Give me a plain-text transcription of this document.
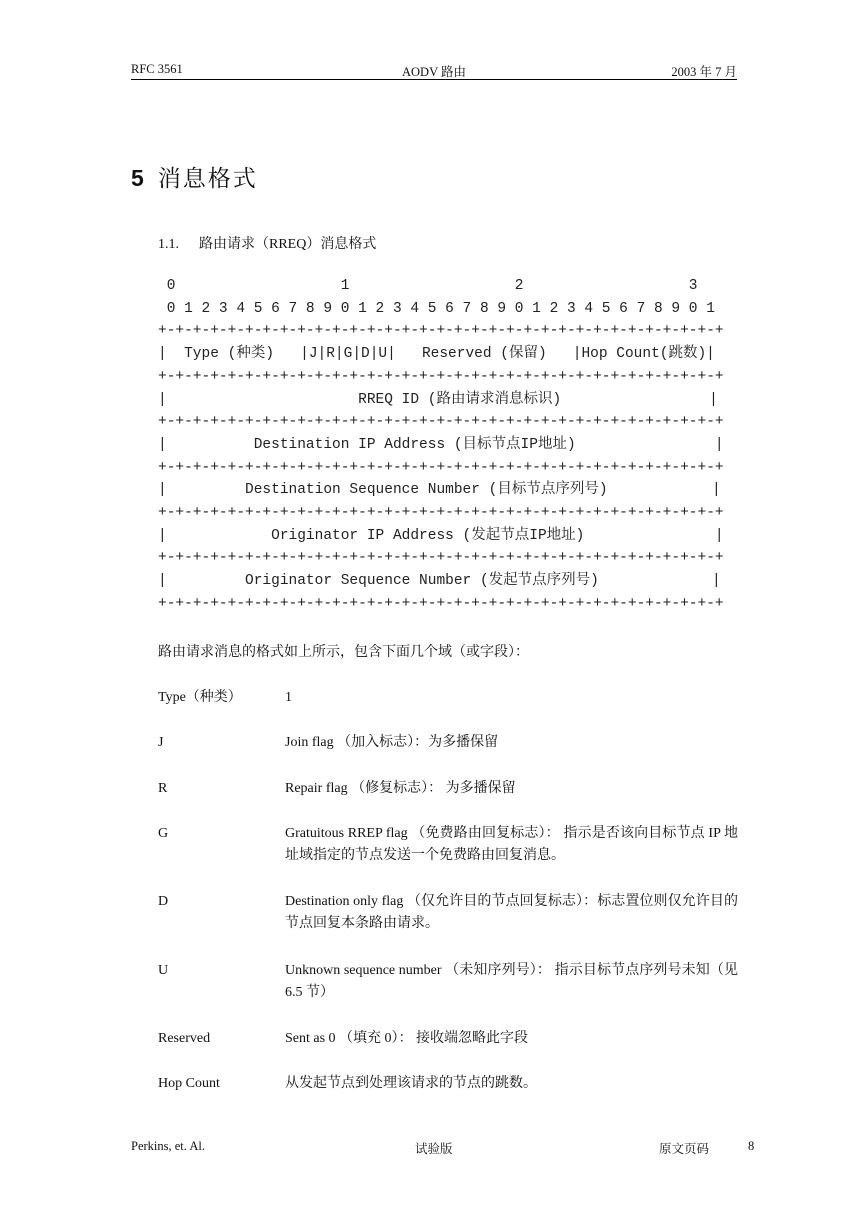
RFC 3561	AODV 路由	2003 年 7 月
5 消息格式
1.1. 路由请求（RREQ）消息格式
0                   1                   2                   3
0 1 2 3 4 5 6 7 8 9 0 1 2 3 4 5 6 7 8 9 0 1 2 3 4 5 6 7 8 9 0 1
+-+-+-+-+-+-+-+-+-+-+-+-+-+-+-+-+-+-+-+-+-+-+-+-+-+-+-+-+-+-+-+-+
|  Type (种类)   |J|R|G|D|U|   Reserved (保留)   |Hop Count(跳数)|
+-+-+-+-+-+-+-+-+-+-+-+-+-+-+-+-+-+-+-+-+-+-+-+-+-+-+-+-+-+-+-+-+
|                      RREQ ID (路由请求消息标识)                 |
+-+-+-+-+-+-+-+-+-+-+-+-+-+-+-+-+-+-+-+-+-+-+-+-+-+-+-+-+-+-+-+-+
|          Destination IP Address (目标节点IP地址)                |
+-+-+-+-+-+-+-+-+-+-+-+-+-+-+-+-+-+-+-+-+-+-+-+-+-+-+-+-+-+-+-+-+
|         Destination Sequence Number (目标节点序列号)            |
+-+-+-+-+-+-+-+-+-+-+-+-+-+-+-+-+-+-+-+-+-+-+-+-+-+-+-+-+-+-+-+-+
|            Originator IP Address (发起节点IP地址)               |
+-+-+-+-+-+-+-+-+-+-+-+-+-+-+-+-+-+-+-+-+-+-+-+-+-+-+-+-+-+-+-+-+
|         Originator Sequence Number (发起节点序列号)             |
+-+-+-+-+-+-+-+-+-+-+-+-+-+-+-+-+-+-+-+-+-+-+-+-+-+-+-+-+-+-+-+-+
路由请求消息的格式如上所示，包含下面几个域（或字段）：
Type（种类）	1
J	Join flag （加入标志）：为多播保留
R	Repair flag （修复标志）： 为多播保留
G	Gratuitous RREP flag （免费路由回复标志）： 指示是否该向目标节点 IP 地址域指定的节点发送一个免费路由回复消息。
D	Destination only flag （仅允许目的节点回复标志）：标志置位则仅允许目的节点回复本条路由请求。
U	Unknown sequence number （未知序列号）： 指示目标节点序列号未知（见 6.5 节）
Reserved	Sent as 0 （填充 0）： 接收端忽略此字段
Hop Count	从发起节点到处理该请求的节点的跳数。
Perkins, et. Al.	试验版	原文页码	8
